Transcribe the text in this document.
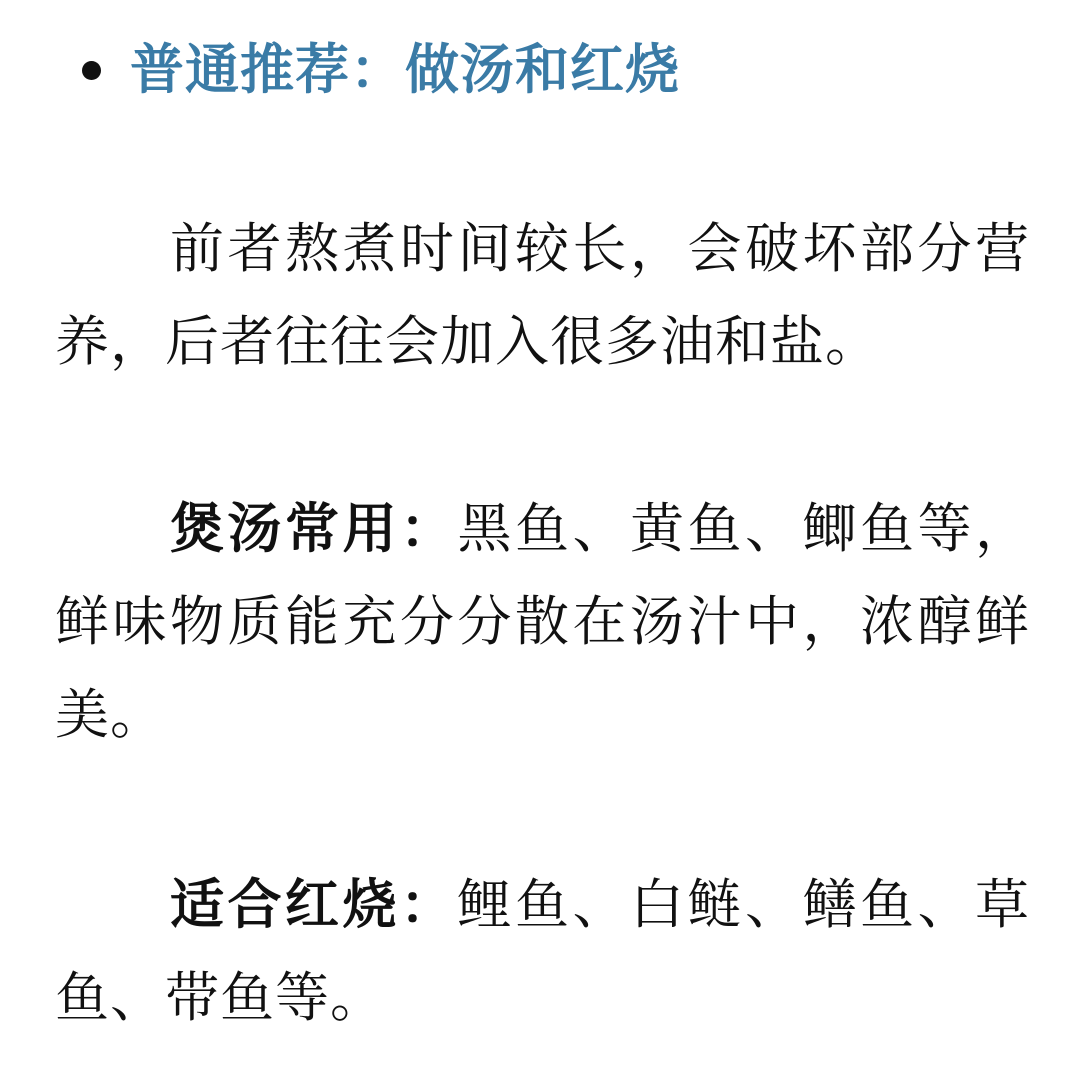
普通推荐：做汤和红烧

　　前者熬煮时间较长，会破坏部分营养，后者往往会加入很多油和盐。

　　煲汤常用：黑鱼、黄鱼、鲫鱼等，鲜味物质能充分分散在汤汁中，浓醇鲜美。

　　适合红烧：鲤鱼、白鲢、鳝鱼、草鱼、带鱼等。
